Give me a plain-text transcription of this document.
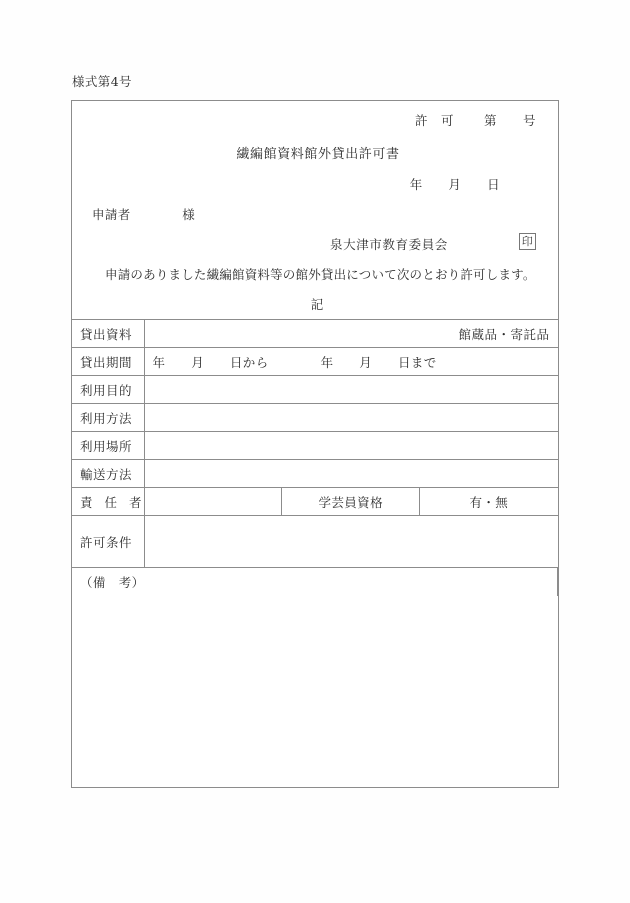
様式第4号
許　可 第 号
繊編館資料館外貸出許可書
年　　月　　日
申請者　　　　様
泉大津市教育委員会	印
申請のありました繊編館資料等の館外貸出について次のとおり許可します。
記
貸出資料	館蔵品・寄託品		
貸出期間	年　　月　　日から 年　　月　　日まで		
利用目的			
利用方法			
利用場所			
輸送方法			
責 任 者		学芸員資格	有・無
許可条件			
（備　考）			
